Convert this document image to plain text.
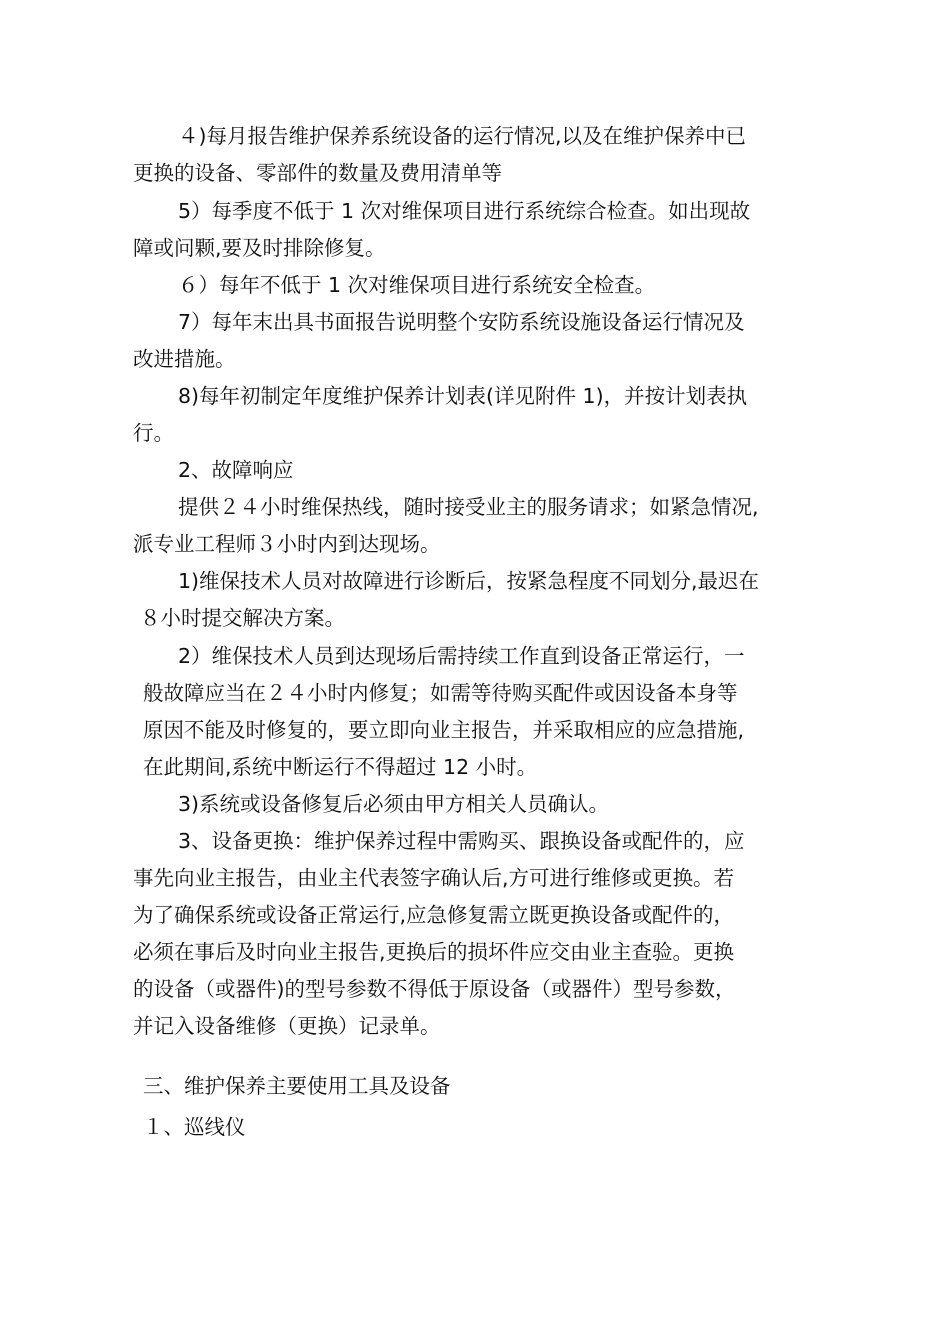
４)每月报告维护保养系统设备的运行情况,以及在维护保养中已
更换的设备、零部件的数量及费用清单等
5）每季度不低于 1 次对维保项目进行系统综合检查。如出现故
障或问颗,要及时排除修复。
６）每年不低于 1 次对维保项目进行系统安全检查。
7）每年末出具书面报告说明整个安防系统设施设备运行情况及
改进措施。
8)每年初制定年度维护保养计划表(详见附件 1)，并按计划表执
行。
2、故障响应
提供２４小时维保热线，随时接受业主的服务请求；如紧急情况,
派专业工程师３小时内到达现场。
1)维保技术人员对故障进行诊断后，按紧急程度不同划分,最迟在
８小时提交解决方案。
2）维保技术人员到达现场后需持续工作直到设备正常运行，一
般故障应当在２４小时内修复；如需等待购买配件或因设备本身等
原因不能及时修复的，要立即向业主报告，并采取相应的应急措施,
在此期间,系统中断运行不得超过 12 小时。
3)系统或设备修复后必须由甲方相关人员确认。
3、设备更换：维护保养过程中需购买、跟换设备或配件的，应
事先向业主报告，由业主代表签字确认后,方可进行维修或更换。若
为了确保系统或设备正常运行,应急修复需立既更换设备或配件的，
必须在事后及时向业主报告,更换后的损坏件应交由业主查验。更换
的设备（或器件)的型号参数不得低于原设备（或器件）型号参数，
并记入设备维修（更换）记录单。
三、维护保养主要使用工具及设备
１、巡线仪
